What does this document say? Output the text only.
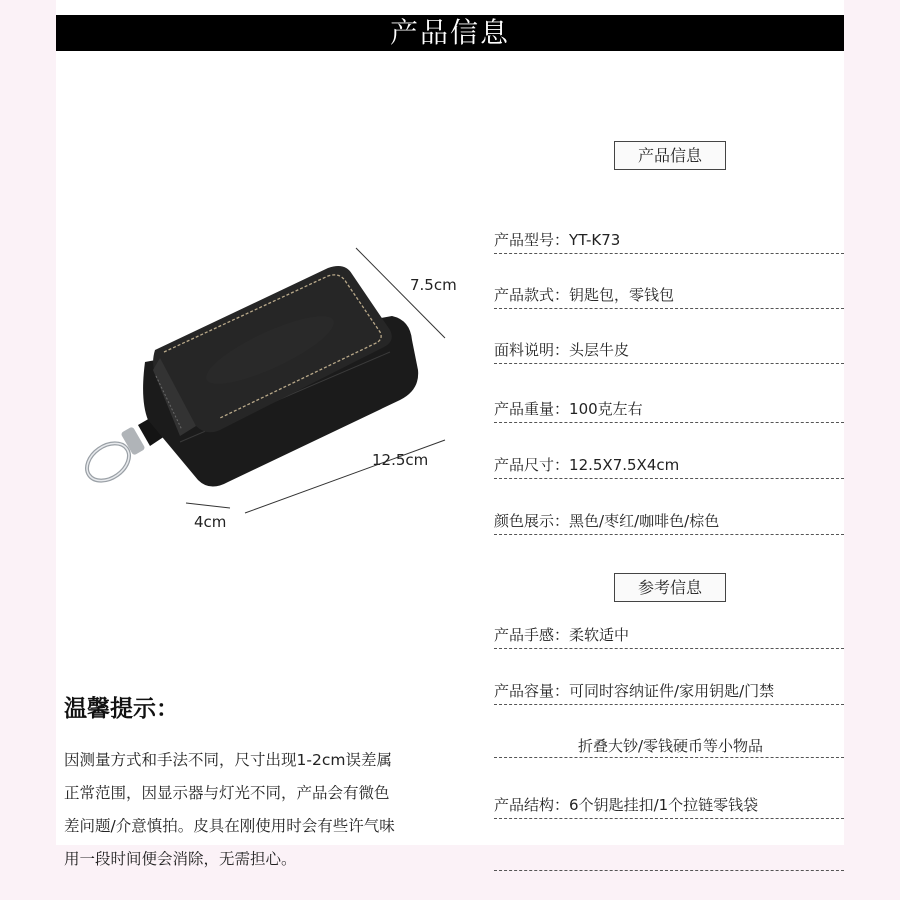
产品信息
7.5cm
12.5cm
4cm
产品信息
产品型号 ： YT-K73
产品款式 ： 钥匙包，零钱包
面料说明 ： 头层牛皮
产品重量 ： 100克左右
产品尺寸 ： 12.5X7.5X4cm
颜色展示 ： 黑色/枣红/咖啡色/棕色
参考信息
产品手感 ： 柔软适中
产品容量 ： 可同时容纳证件/家用钥匙/门禁
折叠大钞/零钱硬币等小物品
产品结构 ： 6个钥匙挂扣/1个拉链零钱袋
温馨提示：
因测量方式和手法不同，尺寸出现1-2cm误差属
正常范围，因显示器与灯光不同，产品会有微色
差问题/介意慎拍。皮具在刚使用时会有些许气味
用一段时间便会消除，无需担心。
